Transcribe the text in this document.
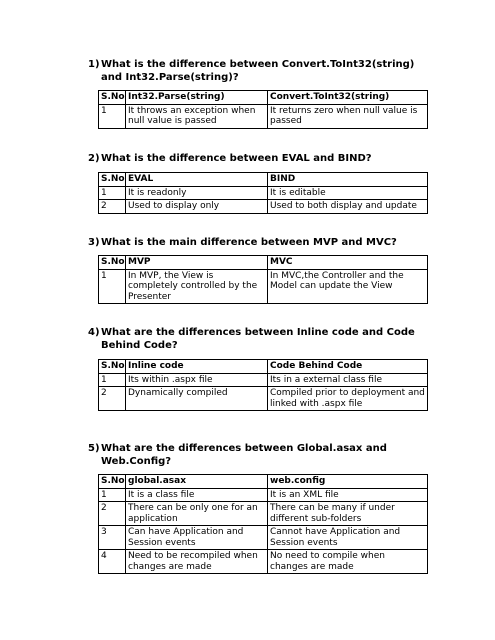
1) What is the difference between Convert.ToInt32(string) and Int32.Parse(string)?
S.No	Int32.Parse(string)	Convert.ToInt32(string)
1	It throws an exception when null value is passed	It returns zero when null value is passed
2) What is the difference between EVAL and BIND?
S.No	EVAL	BIND
1	It is readonly	It is editable
2	Used to display only	Used to both display and update
3) What is the main difference between MVP and MVC?
S.No	MVP	MVC
1	In MVP, the View is completely controlled by the Presenter	In MVC,the Controller and the Model can update the View
4) What are the differences between Inline code and Code Behind Code?
S.No	Inline code	Code Behind Code
1	Its within .aspx file	Its in a external class file
2	Dynamically compiled	Compiled prior to deployment and
linked with .aspx file
5) What are the differences between Global.asax and Web.Config?
S.No	global.asax	web.config
1	It is a class file	It is an XML file
2	There can be only one for an application	There can be many if under different sub-folders
3	Can have Application and Session events	Cannot have Application and Session events
4	Need to be recompiled when changes are made	No need to compile when changes are made
